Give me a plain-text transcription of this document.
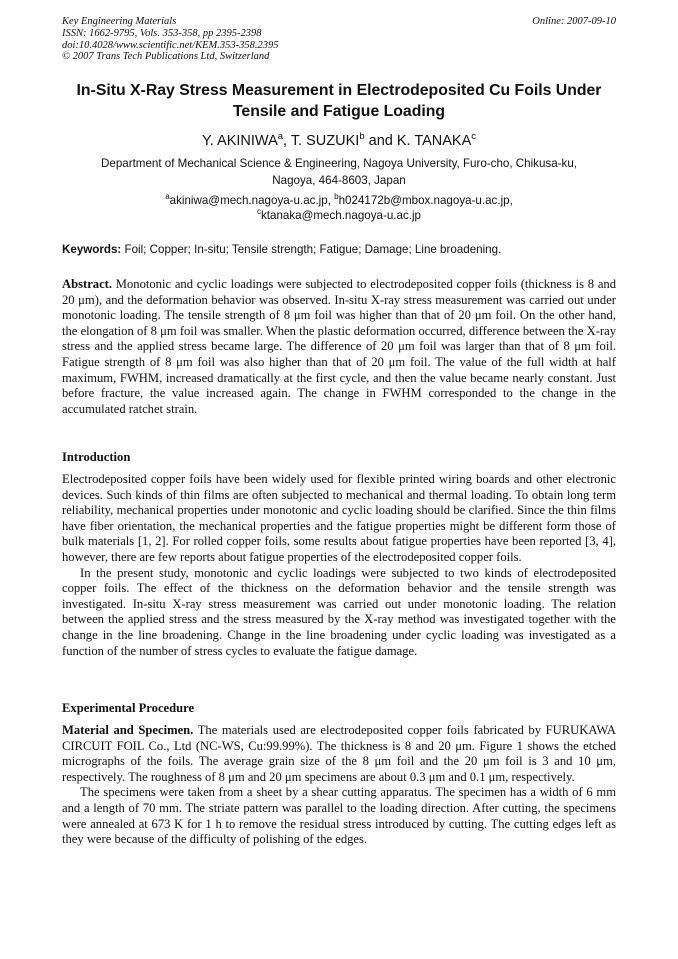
Key Engineering Materials
ISSN: 1662-9795, Vols. 353-358, pp 2395-2398
doi:10.4028/www.scientific.net/KEM.353-358.2395
© 2007 Trans Tech Publications Ltd, Switzerland
Online: 2007-09-10
In-Situ X-Ray Stress Measurement in Electrodeposited Cu Foils Under
Tensile and Fatigue Loading
Y. AKINIWA$^a$, T. SUZUKI$^b$ and K. TANAKA$^c$
Department of Mechanical Science & Engineering, Nagoya University, Furo-cho, Chikusa-ku,
Nagoya, 464-8603, Japan
$^a$akiniwa@mech.nagoya-u.ac.jp, $^b$h024172b@mbox.nagoya-u.ac.jp,
$^c$ktanaka@mech.nagoya-u.ac.jp
Keywords: Foil; Copper; In-situ; Tensile strength; Fatigue; Damage; Line broadening.

Abstract. Monotonic and cyclic loadings were subjected to electrodeposited copper foils (thickness is 8 and 20 μm), and the deformation behavior was observed. In-situ X-ray stress measurement was carried out under monotonic loading. The tensile strength of 8 μm foil was higher than that of 20 μm foil. On the other hand, the elongation of 8 μm foil was smaller. When the plastic deformation occurred, difference between the X-ray stress and the applied stress became large. The difference of 20 μm foil was larger than that of 8 μm foil. Fatigue strength of 8 μm foil was also higher than that of 20 μm foil. The value of the full width at half maximum, FWHM, increased dramatically at the first cycle, and then the value became nearly constant. Just before fracture, the value increased again. The change in FWHM corresponded to the change in the accumulated ratchet strain.

Introduction

Electrodeposited copper foils have been widely used for flexible printed wiring boards and other electronic devices. Such kinds of thin films are often subjected to mechanical and thermal loading. To obtain long term reliability, mechanical properties under monotonic and cyclic loading should be clarified. Since the thin films have fiber orientation, the mechanical properties and the fatigue properties might be different form those of bulk materials [1, 2]. For rolled copper foils, some results about fatigue properties have been reported [3, 4], however, there are few reports about fatigue properties of the electrodeposited copper foils.

In the present study, monotonic and cyclic loadings were subjected to two kinds of electrodeposited copper foils. The effect of the thickness on the deformation behavior and the tensile strength was investigated. In-situ X-ray stress measurement was carried out under monotonic loading. The relation between the applied stress and the stress measured by the X-ray method was investigated together with the change in the line broadening. Change in the line broadening under cyclic loading was investigated as a function of the number of stress cycles to evaluate the fatigue damage.

Experimental Procedure

Material and Specimen. The materials used are electrodeposited copper foils fabricated by FURUKAWA CIRCUIT FOIL Co., Ltd (NC-WS, Cu:99.99%). The thickness is 8 and 20 μm. Figure 1 shows the etched micrographs of the foils. The average grain size of the 8 μm foil and the 20 μm foil is 3 and 10 μm, respectively. The roughness of 8 μm and 20 μm specimens are about 0.3 μm and 0.1 μm, respectively.

The specimens were taken from a sheet by a shear cutting apparatus. The specimen has a width of 6 mm and a length of 70 mm. The striate pattern was parallel to the loading direction. After cutting, the specimens were annealed at 673 K for 1 h to remove the residual stress introduced by cutting. The cutting edges left as they were because of the difficulty of polishing of the edges.
